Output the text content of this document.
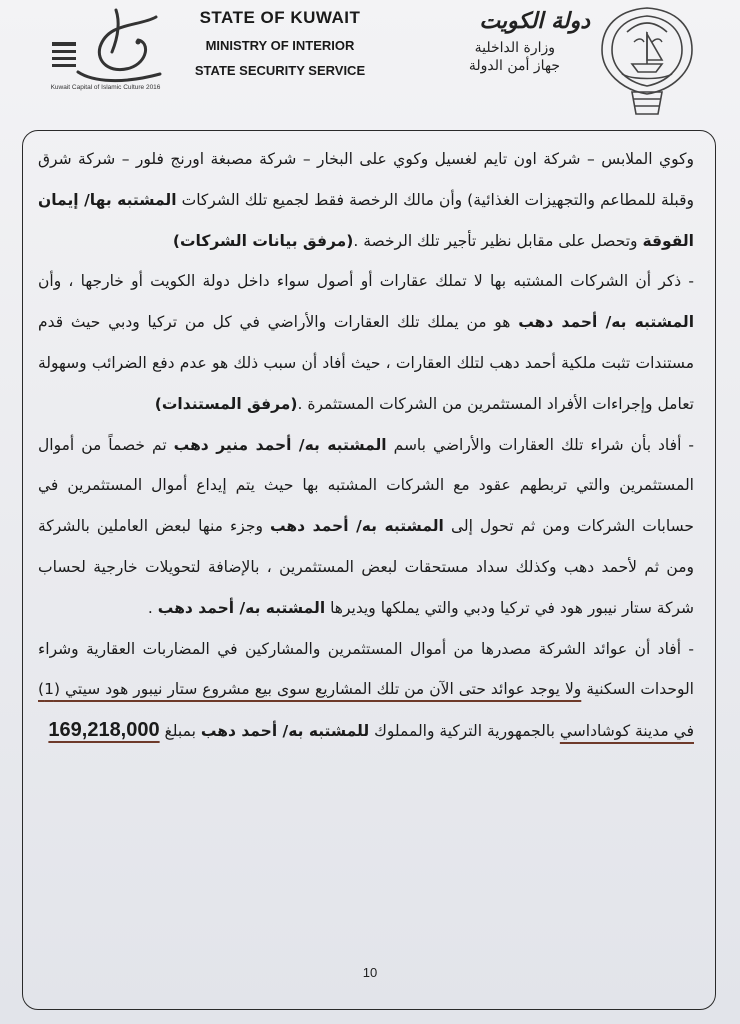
Kuwait Capital of Islamic Culture 2016
STATE OF KUWAIT
MINISTRY OF INTERIOR
STATE SECURITY SERVICE
دولة الكويت
وزارة الداخلية
جهاز أمن الدولة

وكوي الملابس – شركة اون تايم لغسيل وكوي على البخار – شركة مصبغة اورنج فلور – شركة شرق وقبلة للمطاعم والتجهيزات الغذائية) وأن مالك الرخصة فقط لجميع تلك الشركات المشتبه بها/ إيمان القوقة وتحصل على مقابل نظير تأجير تلك الرخصة .(مرفق بيانات الشركات)

- ذكر أن الشركات المشتبه بها لا تملك عقارات أو أصول سواء داخل دولة الكويت أو خارجها ، وأن المشتبه به/ أحمد دهب هو من يملك تلك العقارات والأراضي في كل من تركيا ودبي حيث قدم مستندات تثبت ملكية أحمد دهب لتلك العقارات ، حيث أفاد أن سبب ذلك هو عدم دفع الضرائب وسهولة تعامل وإجراءات الأفراد المستثمرين من الشركات المستثمرة .(مرفق المستندات)

- أفاد بأن شراء تلك العقارات والأراضي باسم المشتبه به/ أحمد منير دهب تم خصماً من أموال المستثمرين والتي تربطهم عقود مع الشركات المشتبه بها حيث يتم إيداع أموال المستثمرين في حسابات الشركات ومن ثم تحول إلى المشتبه به/ أحمد دهب وجزء منها لبعض العاملين بالشركة ومن ثم لأحمد دهب وكذلك سداد مستحقات لبعض المستثمرين ، بالإضافة لتحويلات خارجية لحساب شركة ستار نيبور هود في تركيا ودبي والتي يملكها ويديرها المشتبه به/ أحمد دهب .

- أفاد أن عوائد الشركة مصدرها من أموال المستثمرين والمشاركين في المضاربات العقارية وشراء الوحدات السكنية ولا يوجد عوائد حتى الآن من تلك المشاريع سوى بيع مشروع ستار نيبور هود سيتي (1) في مدينة كوشاداسي بالجمهورية التركية والمملوك للمشتبه به/ أحمد دهب بمبلغ 169,218,000

10
